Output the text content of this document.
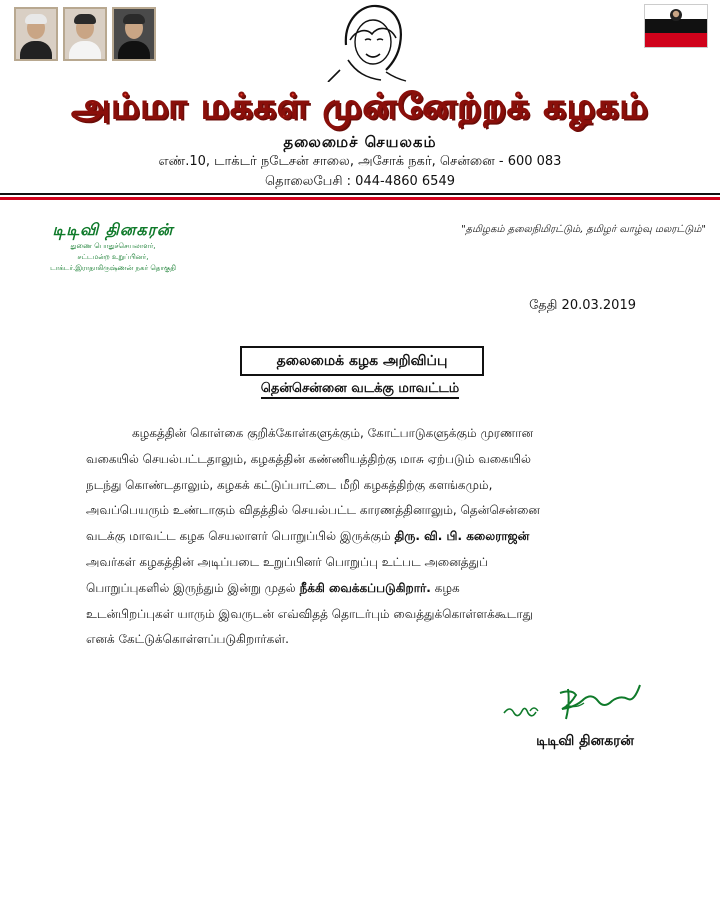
அம்மா மக்கள் முன்னேற்றக் கழகம்
தலைமைச் செயலகம்
எண்.10, டாக்டர் நடேசன் சாலை, அசோக் நகர், சென்னை - 600 083
தொலைபேசி : 044-4860 6549
டிடிவி தினகரன்
துணை பொதுச்செயலாளர்,
சட்டமன்ற உறுப்பினர்,
டாக்டர்.இராதாகிருஷ்ணன் நகர் தொகுதி
"தமிழகம் தலைநிமிரட்டும், தமிழர் வாழ்வு மலரட்டும்"
தேதி 20.03.2019
தலைமைக் கழக அறிவிப்பு
தென்சென்னை வடக்கு மாவட்டம்
கழகத்தின் கொள்கை குறிக்கோள்களுக்கும், கோட்பாடுகளுக்கும் முரணான
வகையில் செயல்பட்டதாலும், கழகத்தின் கண்ணியத்திற்கு மாசு ஏற்படும் வகையில்
நடந்து கொண்டதாலும், கழகக் கட்டுப்பாட்டை மீறி கழகத்திற்கு களங்கமும்,
அவப்பெயரும் உண்டாகும் விதத்தில் செயல்பட்ட காரணத்தினாலும், தென்சென்னை
வடக்கு மாவட்ட கழக செயலாளர் பொறுப்பில் இருக்கும் திரு. வி. பி. கலைராஜன்
அவர்கள் கழகத்தின் அடிப்படை உறுப்பினர் பொறுப்பு உட்பட அனைத்துப்
பொறுப்புகளில் இருந்தும் இன்று முதல் நீக்கி வைக்கப்படுகிறார். கழக
உடன்பிறப்புகள் யாரும் இவருடன் எவ்விதத் தொடர்பும் வைத்துக்கொள்ளக்கூடாது
எனக் கேட்டுக்கொள்ளப்படுகிறார்கள்.
டிடிவி தினகரன்
